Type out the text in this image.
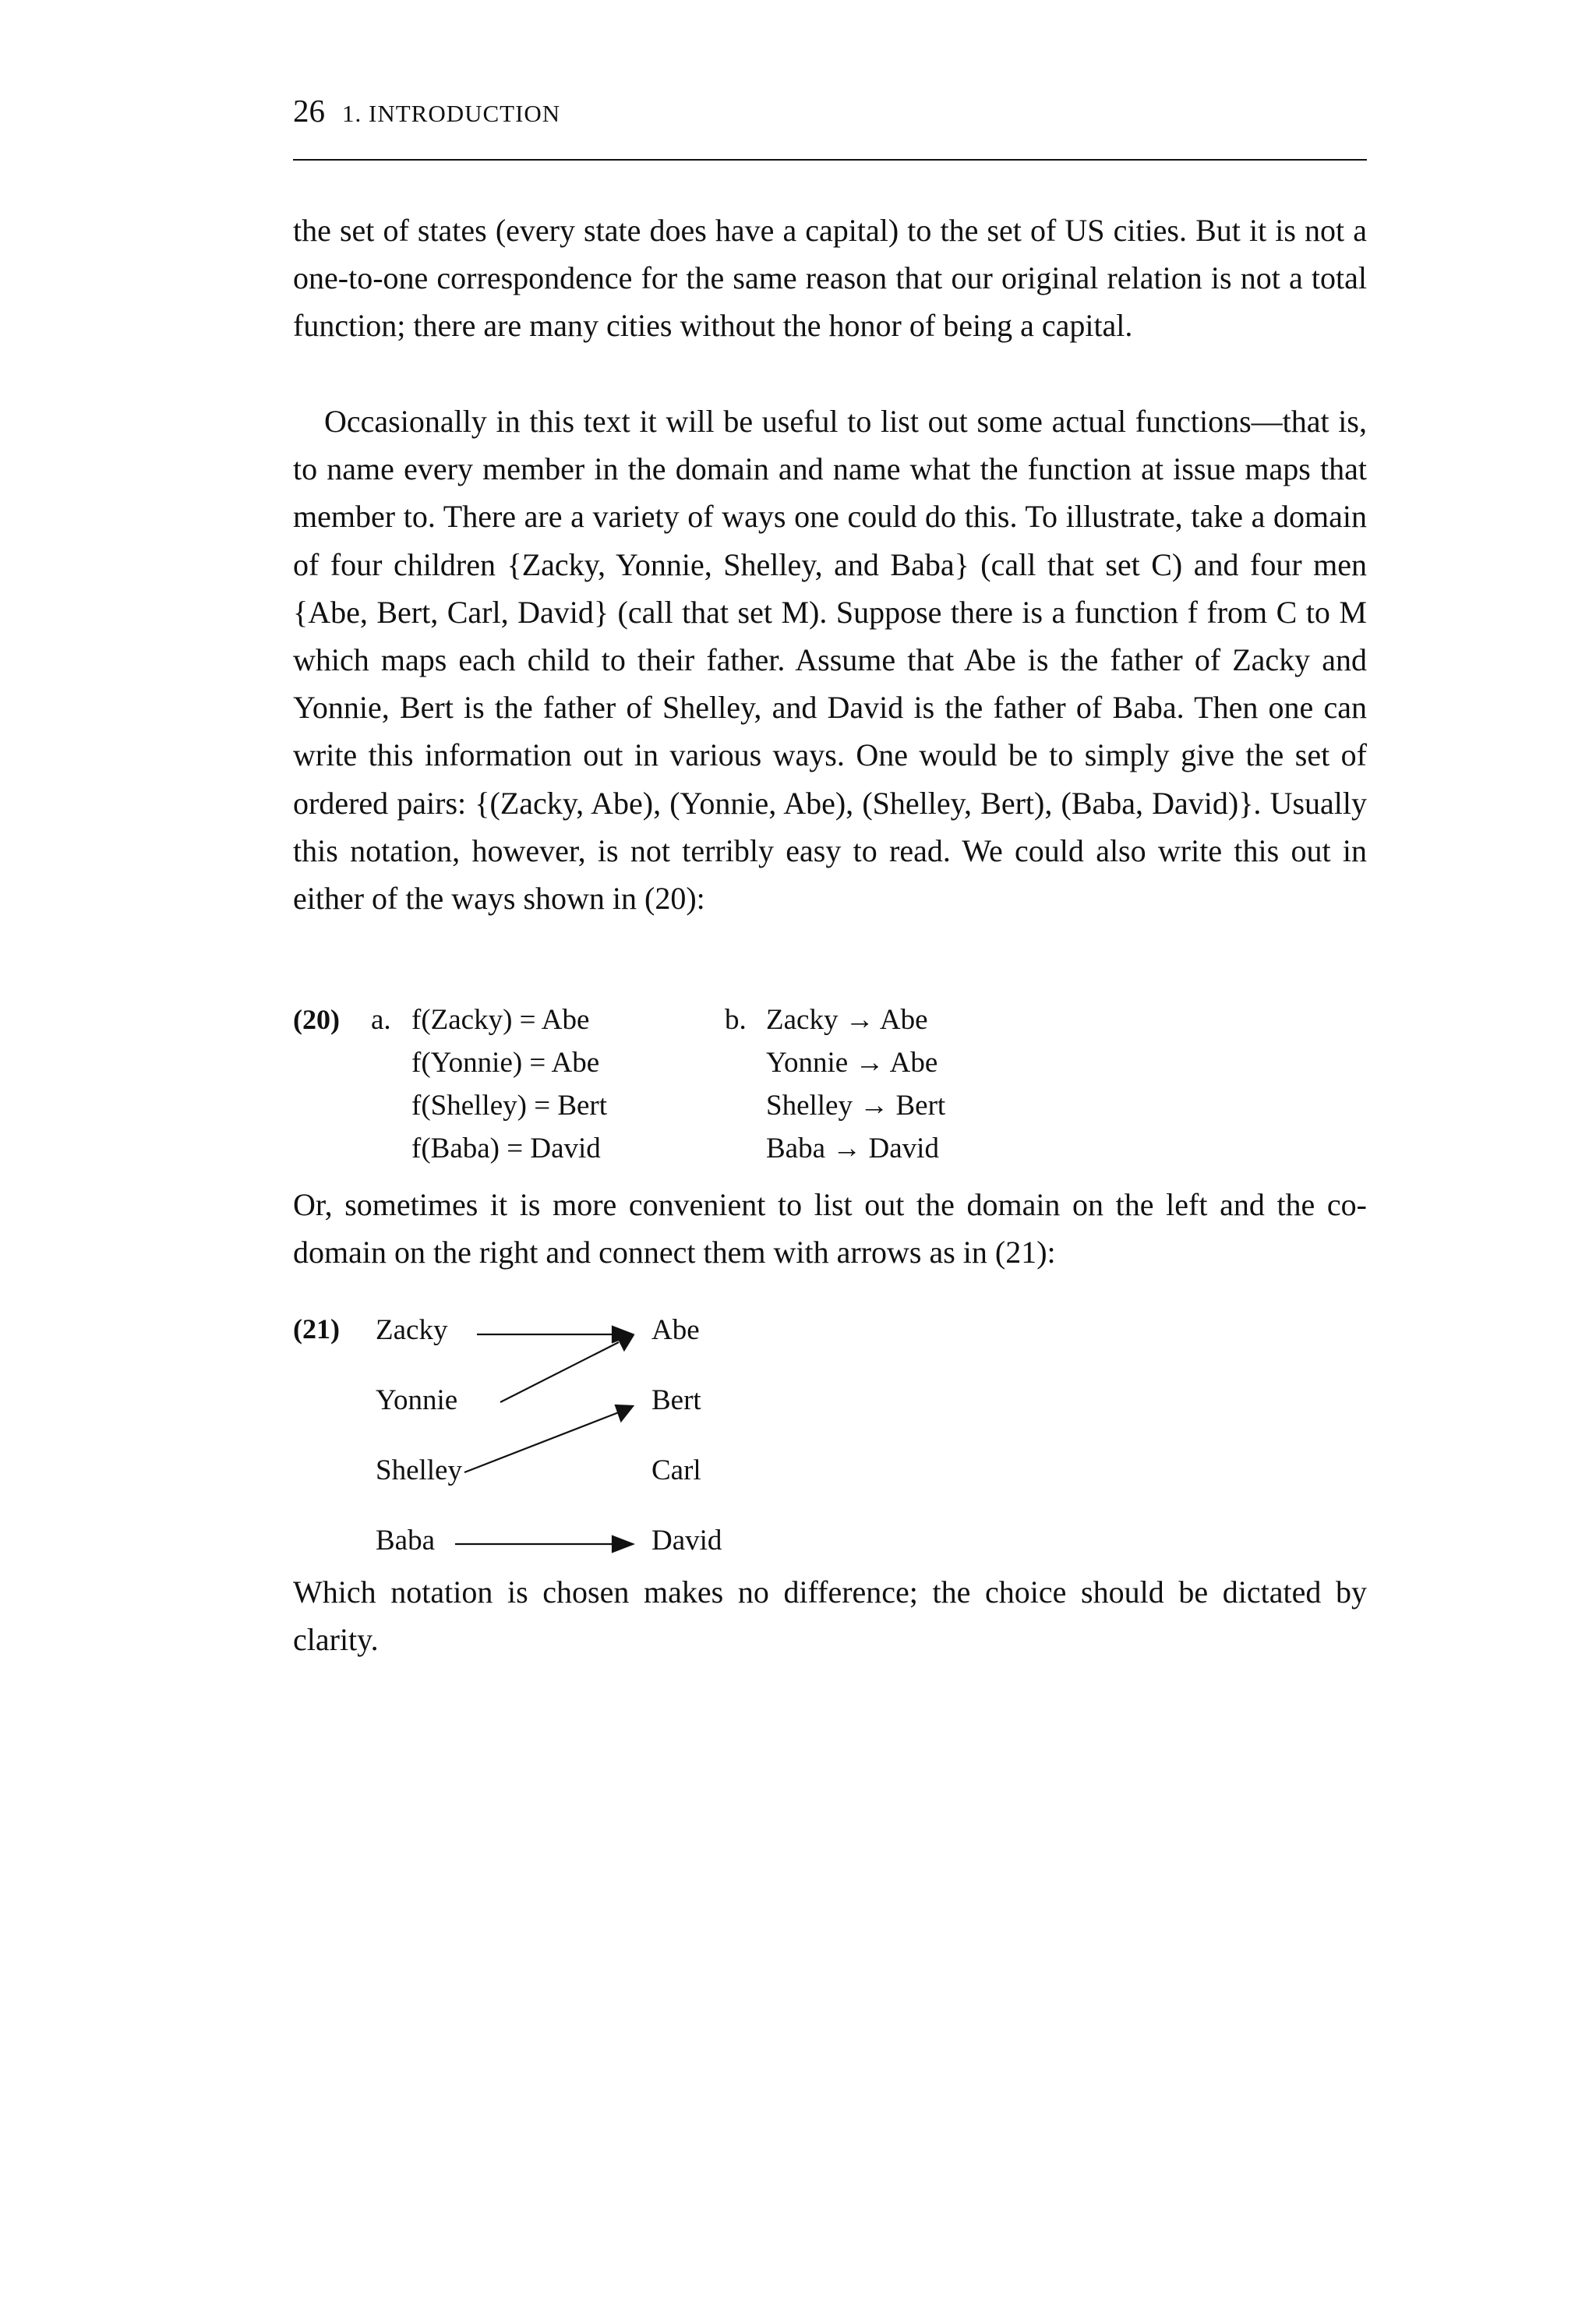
26 1. INTRODUCTION

the set of states (every state does have a capital) to the set of US cities. But it is not a one-to-one correspondence for the same reason that our original relation is not a total function; there are many cities without the honor of being a capital.

Occasionally in this text it will be useful to list out some actual functions—that is, to name every member in the domain and name what the function at issue maps that member to. There are a variety of ways one could do this. To illustrate, take a domain of four children {Zacky, Yonnie, Shelley, and Baba} (call that set C) and four men {Abe, Bert, Carl, David} (call that set M). Suppose there is a function f from C to M which maps each child to their father. Assume that Abe is the father of Zacky and Yonnie, Bert is the father of Shelley, and David is the father of Baba. Then one can write this information out in various ways. One would be to simply give the set of ordered pairs: {(Zacky, Abe), (Yonnie, Abe), (Shelley, Bert), (Baba, David)}. Usually this notation, however, is not terribly easy to read. We could also write this out in either of the ways shown in (20):

(20) a. f(Zacky) = Abe
f(Yonnie) = Abe
f(Shelley) = Bert
f(Baba) = David
b. Zacky → Abe
Yonnie → Abe
Shelley → Bert
Baba → David

Or, sometimes it is more convenient to list out the domain on the left and the co-domain on the right and connect them with arrows as in (21):

(21) Zacky
Yonnie
Shelley
Baba
Abe
Bert
Carl
David

Which notation is chosen makes no difference; the choice should be dictated by clarity.
